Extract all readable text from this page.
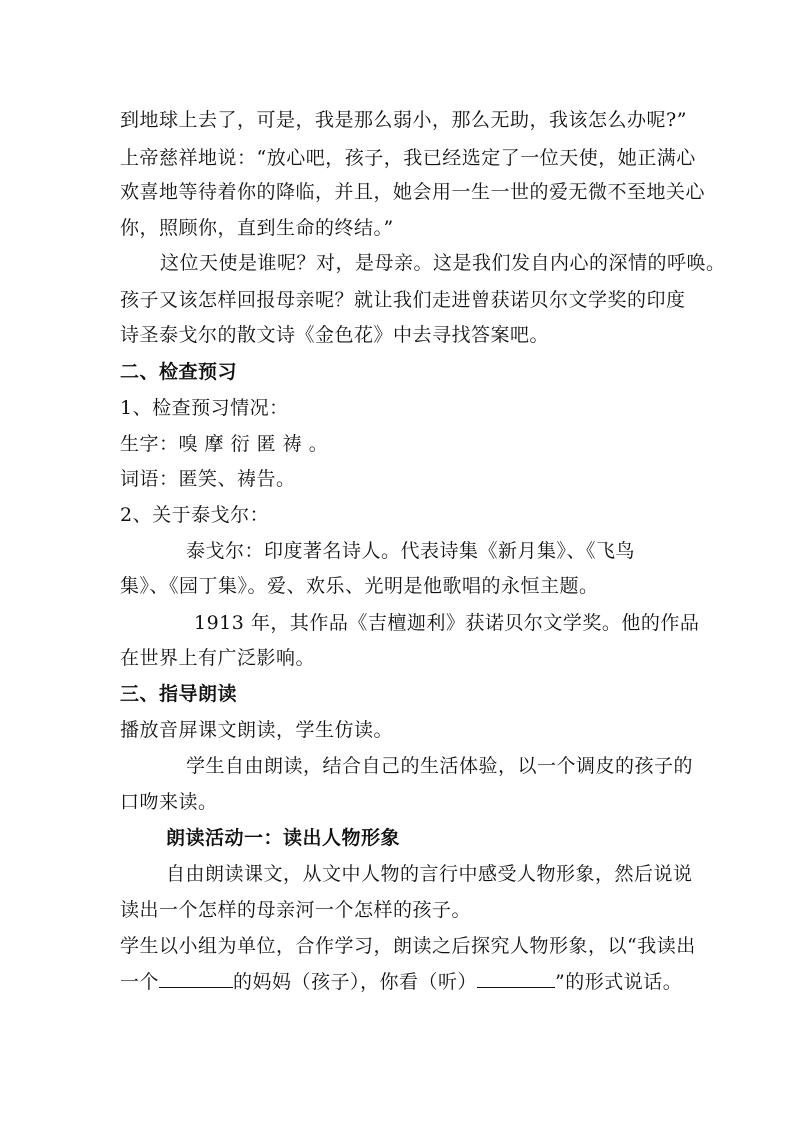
到地球上去了，可是，我是那么弱小，那么无助，我该怎么办呢?”
上帝慈祥地说：“放心吧，孩子，我已经选定了一位天使，她正满心
欢喜地等待着你的降临，并且，她会用一生一世的爱无微不至地关心
你，照顾你，直到生命的终结。”
这位天使是谁呢？对，是母亲。这是我们发自内心的深情的呼唤。
孩子又该怎样回报母亲呢？就让我们走进曾获诺贝尔文学奖的印度
诗圣泰戈尔的散文诗《金色花》中去寻找答案吧。
二、检查预习
1、检查预习情况：
生字：嗅 摩 衍 匿 祷 。
词语：匿笑、祷告。
2、关于泰戈尔：
泰戈尔：印度著名诗人。代表诗集《新月集》、《飞鸟
集》、《园丁集》。爱、欢乐、光明是他歌唱的永恒主题。
1913 年，其作品《吉檀迦利》获诺贝尔文学奖。他的作品
在世界上有广泛影响。
三、指导朗读
播放音屏课文朗读，学生仿读。
学生自由朗读，结合自己的生活体验，以一个调皮的孩子的
口吻来读。
朗读活动一：读出人物形象
自由朗读课文，从文中人物的言行中感受人物形象，然后说说
读出一个怎样的母亲河一个怎样的孩子。
学生以小组为单位，合作学习，朗读之后探究人物形象，以“我读出
一个	的妈妈（孩子），你看（听）	”的形式说话。
